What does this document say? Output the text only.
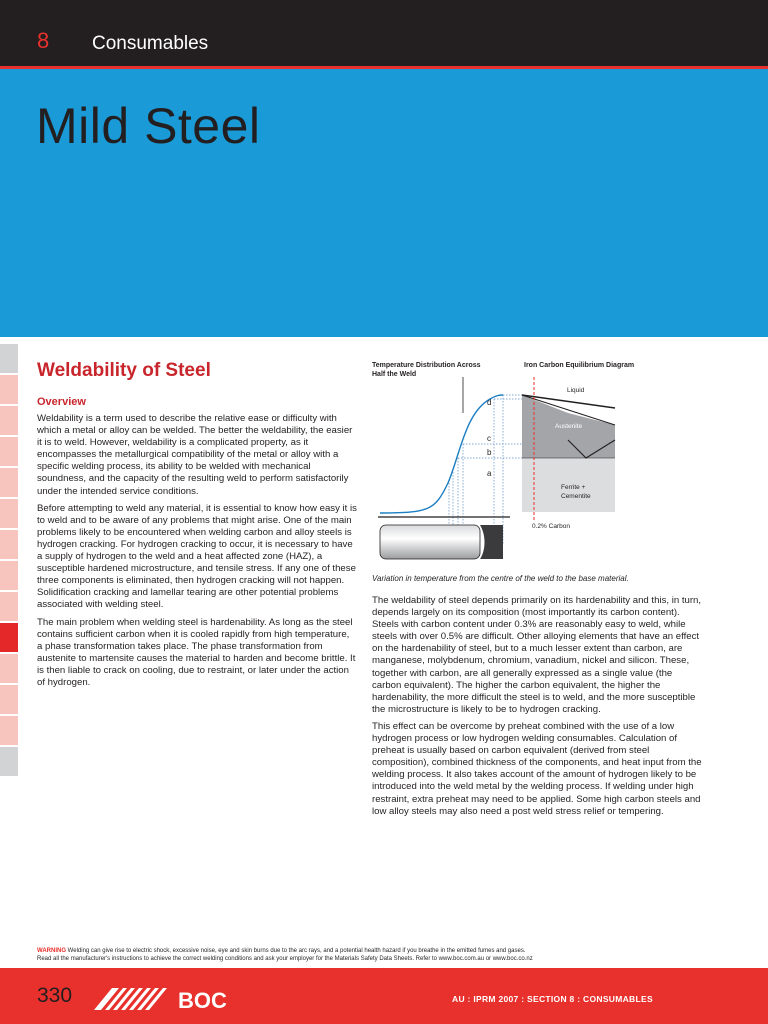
8 Consumables
Mild Steel
Weldability of Steel
Overview

Weldability is a term used to describe the relative ease or difficulty with which a metal or alloy can be welded. The better the weldability, the easier it is to weld. However, weldability is a complicated property, as it encompasses the metallurgical compatibility of the metal or alloy with a specific welding process, its ability to be welded with mechanical soundness, and the capacity of the resulting weld to perform satisfactorily under the intended service conditions.

Before attempting to weld any material, it is essential to know how easy it is to weld and to be aware of any problems that might arise. One of the main problems likely to be encountered when welding carbon and alloy steels is hydrogen cracking. For hydrogen cracking to occur, it is necessary to have a supply of hydrogen to the weld and a heat affected zone (HAZ), a susceptible hardened microstructure, and tensile stress. If any one of these three components is eliminated, then hydrogen cracking will not happen. Solidification cracking and lamellar tearing are other potential problems associated with welding steel.

The main problem when welding steel is hardenability. As long as the steel contains sufficient carbon when it is cooled rapidly from high temperature, a phase transformation takes place. The phase transformation from austenite to martensite causes the material to harden and become brittle. It is then liable to crack on cooling, due to restraint, or later under the action of hydrogen.

Temperature Distribution Across
Half the Weld
Iron Carbon Equilibrium Diagram
d
c
b
a
Liquid
Austenite
Ferrite +
Cementite
0.2% Carbon
Variation in temperature from the centre of the weld to the base material.

The weldability of steel depends primarily on its hardenability and this, in turn, depends largely on its composition (most importantly its carbon content). Steels with carbon content under 0.3% are reasonably easy to weld, while steels with over 0.5% are difficult. Other alloying elements that have an effect on the hardenability of steel, but to a much lesser extent than carbon, are manganese, molybdenum, chromium, vanadium, nickel and silicon. These, together with carbon, are all generally expressed as a single value (the carbon equivalent). The higher the carbon equivalent, the higher the hardenability, the more difficult the steel is to weld, and the more susceptible the microstructure is likely to be to hydrogen cracking.

This effect can be overcome by preheat combined with the use of a low hydrogen process or low hydrogen welding consumables. Calculation of preheat is usually based on carbon equivalent (derived from steel composition), combined thickness of the components, and heat input from the welding process. It also takes account of the amount of hydrogen likely to be introduced into the weld metal by the welding process. If welding under high restraint, extra preheat may need to be applied. Some high carbon steels and low alloy steels may also need a post weld stress relief or tempering.

WARNING Welding can give rise to electric shock, excessive noise, eye and skin burns due to the arc rays, and a potential health hazard if you breathe in the emitted fumes and gases.
Read all the manufacturer's instructions to achieve the correct welding conditions and ask your employer for the Materials Safety Data Sheets. Refer to www.boc.com.au or www.boc.co.nz
330	BOC	AU : IPRM 2007 : SECTION 8 : CONSUMABLES
